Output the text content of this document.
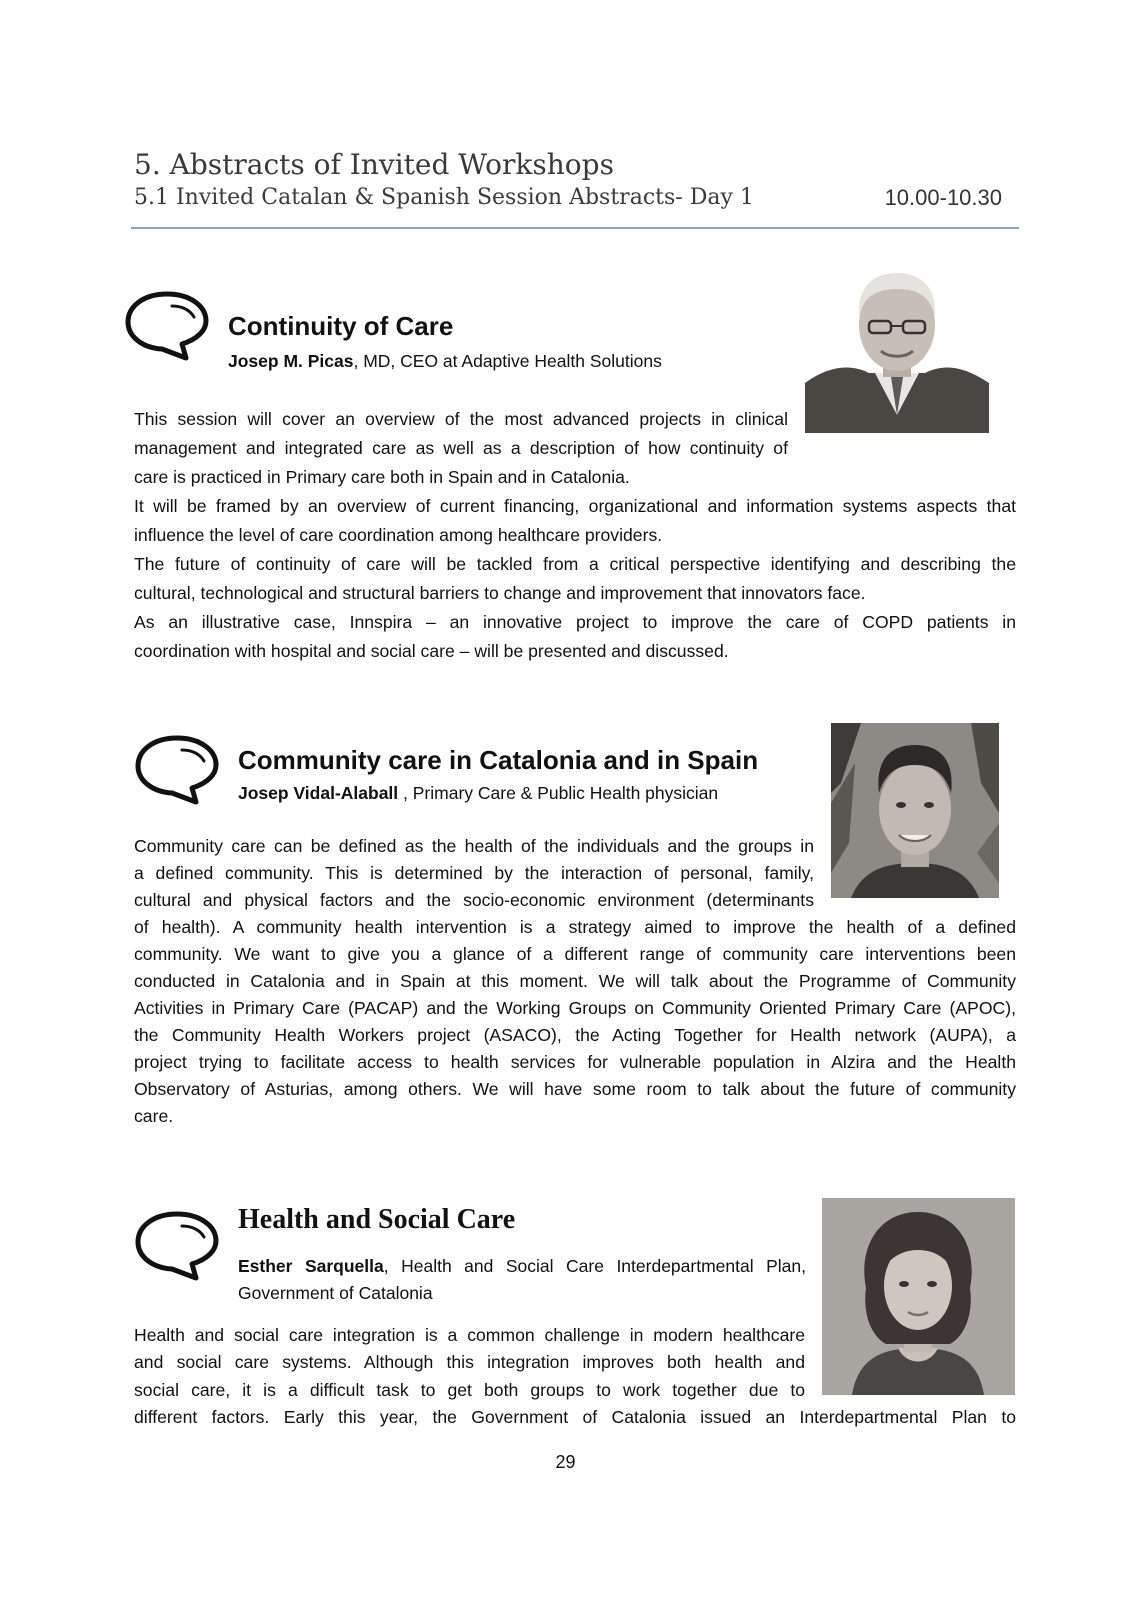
5. Abstracts of Invited Workshops
5.1 Invited Catalan & Spanish Session Abstracts- Day 1	10.00-10.30
Continuity of Care
Josep M. Picas, MD, CEO at Adaptive Health Solutions
This session will cover an overview of the most advanced projects in clinical
management and integrated care as well as a description of how continuity of
care is practiced in Primary care both in Spain and in Catalonia.
It will be framed by an overview of current financing, organizational and information systems aspects that
influence the level of care coordination among healthcare providers.
The future of continuity of care will be tackled from a critical perspective identifying and describing the
cultural, technological and structural barriers to change and improvement that innovators face.
As an illustrative case, Innspira – an innovative project to improve the care of COPD patients in
coordination with hospital and social care – will be presented and discussed.
Community care in Catalonia and in Spain
Josep Vidal-Alaball , Primary Care & Public Health physician
Community care can be defined as the health of the individuals and the groups in
a defined community. This is determined by the interaction of personal, family,
cultural and physical factors and the socio-economic environment (determinants
of health). A community health intervention is a strategy aimed to improve the health of a defined
community. We want to give you a glance of a different range of community care interventions been
conducted in Catalonia and in Spain at this moment. We will talk about the Programme of Community
Activities in Primary Care (PACAP) and the Working Groups on Community Oriented Primary Care (APOC),
the Community Health Workers project (ASACO), the Acting Together for Health network (AUPA), a
project trying to facilitate access to health services for vulnerable population in Alzira and the Health
Observatory of Asturias, among others. We will have some room to talk about the future of community
care.
Health and Social Care
Esther Sarquella, Health and Social Care Interdepartmental Plan,
Government of Catalonia
Health and social care integration is a common challenge in modern healthcare
and social care systems. Although this integration improves both health and
social care, it is a difficult task to get both groups to work together due to
different factors. Early this year, the Government of Catalonia issued an Interdepartmental Plan to
29
